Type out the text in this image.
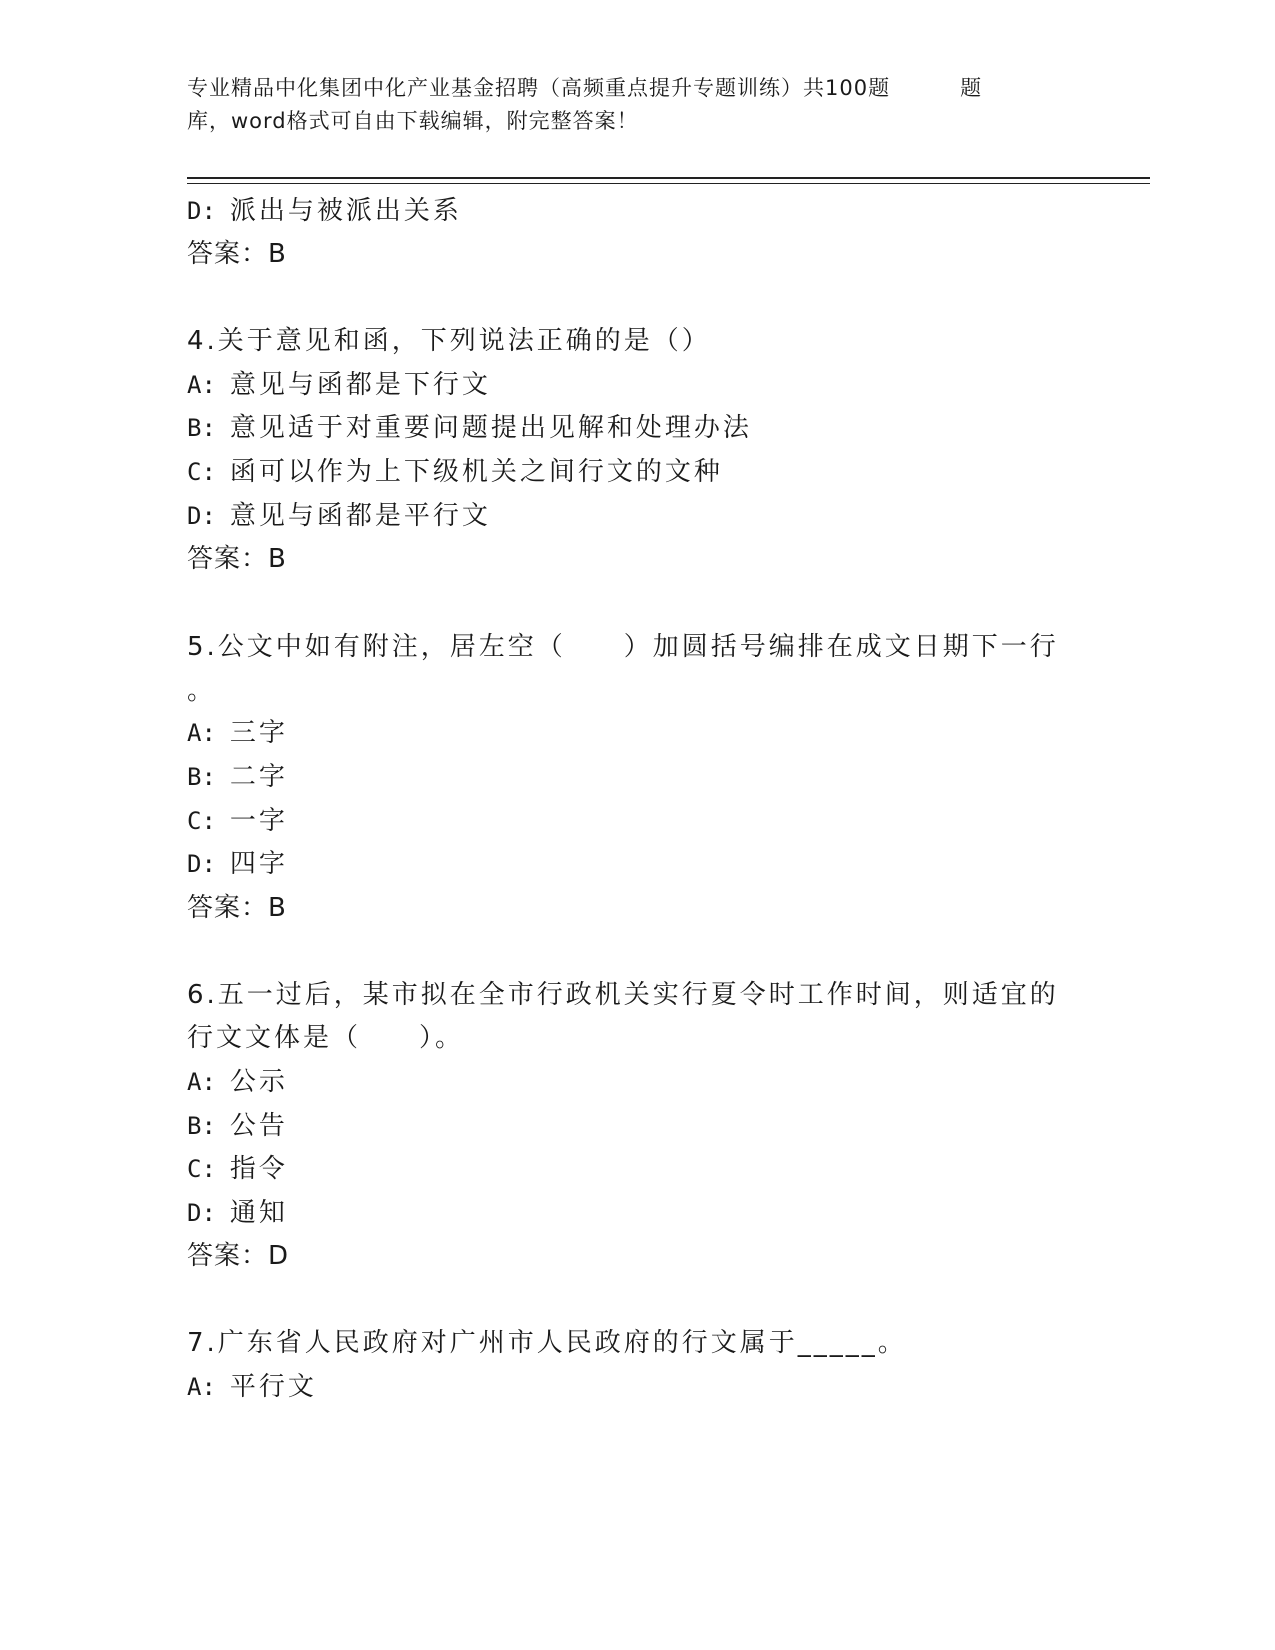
专业精品中化集团中化产业基金招聘（高频重点提升专题训练）共100题	题
库，word格式可自由下载编辑，附完整答案！
D: 派出与被派出关系
答案：B
4.关于意见和函，下列说法正确的是（）
A: 意见与函都是下行文
B: 意见适于对重要问题提出见解和处理办法
C: 函可以作为上下级机关之间行文的文种
D: 意见与函都是平行文
答案：B
5.公文中如有附注，居左空（　　）加圆括号编排在成文日期下一行
。
A: 三字
B: 二字
C: 一字
D: 四字
答案：B
6.五一过后，某市拟在全市行政机关实行夏令时工作时间，则适宜的
行文文体是（　　）。
A: 公示
B: 公告
C: 指令
D: 通知
答案：D
7.广东省人民政府对广州市人民政府的行文属于_____。
A: 平行文
